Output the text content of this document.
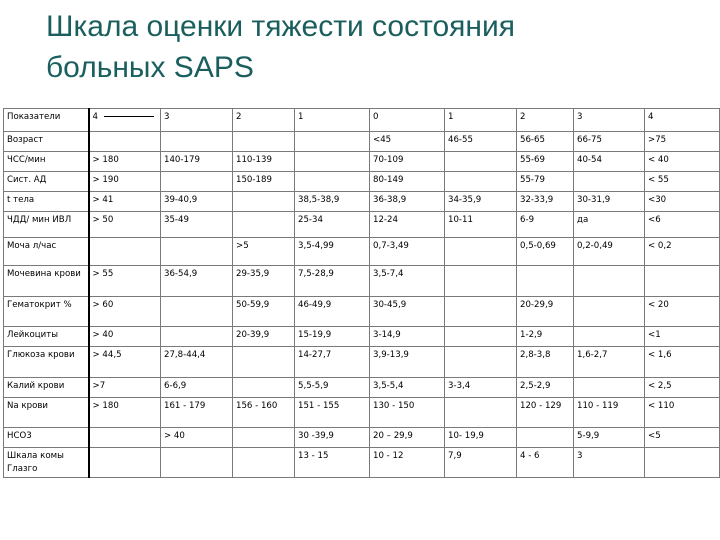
Шкала оценки тяжести состояния
больных SAPS
Показатели	4	3	2	1	0	1	2	3	4
Возраст					<45	46-55	56-65	66-75	>75
ЧСС/мин	> 180	140-179	110-139		70-109		55-69	40-54	< 40
Сист. АД	> 190		150-189		80-149		55-79		< 55
t тела	> 41	39-40,9		38,5-38,9	36-38,9	34-35,9	32-33,9	30-31,9	<30
ЧДД/ мин ИВЛ	> 50	35-49		25-34	12-24	10-11	6-9	да	<6
Моча л/час			>5	3,5-4,99	0,7-3,49		0,5-0,69	0,2-0,49	< 0,2
Мочевина крови	> 55	36-54,9	29-35,9	7,5-28,9	3,5-7,4				
Гематокрит %	> 60		50-59,9	46-49,9	30-45,9		20-29,9		< 20
Лейкоциты	> 40		20-39,9	15-19,9	3-14,9		1-2,9		<1
Глюкоза крови	> 44,5	27,8-44,4		14-27,7	3,9-13,9		2,8-3,8	1,6-2,7	< 1,6
Калий крови	>7	6-6,9		5,5-5,9	3,5-5,4	3-3,4	2,5-2,9		< 2,5
Na крови	> 180	161 - 179	156 - 160	151 - 155	130 - 150		120 - 129	110 - 119	< 110
НСО3		> 40		30 -39,9	20 – 29,9	10- 19,9		5-9,9	<5
Шкала комы Глазго				13 - 15	10 - 12	7,9	4 - 6	3	
